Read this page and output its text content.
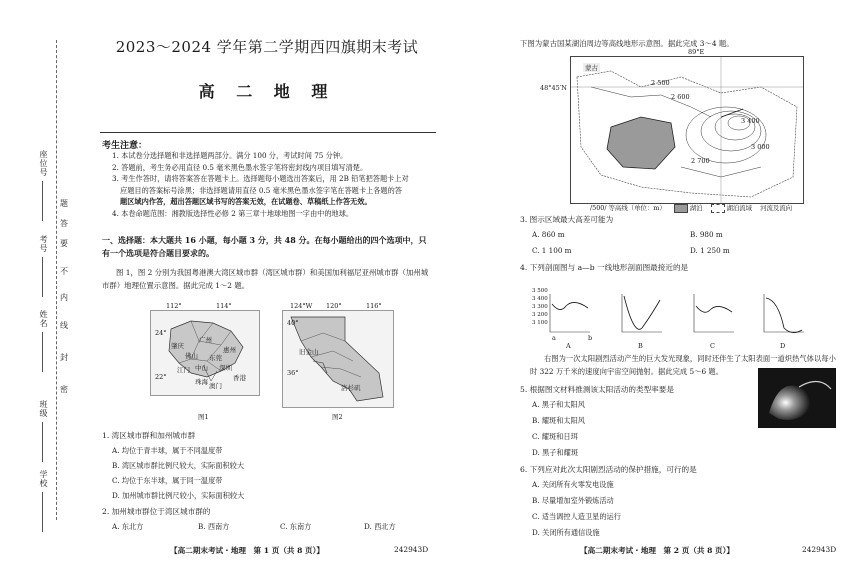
座位号
考号
姓名
班级
学校
密
封
线
内
不
要
答
题
2023～2024 学年第二学期西四旗期末考试
高 二 地 理
考生注意：

1. 本试卷分选择题和非选择题两部分。满分 100 分，考试时间 75 分钟。

2. 答题前，考生务必用直径 0.5 毫米黑色墨水签字笔将密封线内项目填写清楚。

3. 考生作答时，请将答案答在答题卡上。选择题每小题选出答案后，用 2B 铅笔把答题卡上对

应题目的答案标号涂黑；非选择题请用直径 0.5 毫米黑色墨水签字笔在答题卡上各题的答

题区域内作答，超出答题区域书写的答案无效，在试题卷、草稿纸上作答无效。

4. 本卷命题范围：湘教版选择性必修 2 第三章十地球地图一字由中的地球。

一、选择题：本大题共 16 小题，每小题 3 分，共 48 分。在每小题给出的四个选项中，只有一个选项是符合题目要求的。
图 1，图 2 分别为我国粤港澳大湾区城市群（湾区城市群）和美国加利福尼亚州城市群（加州城市群）地理位置示意图。据此完成 1～2 题。
24°
22°
肇庆
广州
惠州
佛山 东莞
江门	深圳
香港
中山
珠海 澳门
112°	114°
图1
40°
36°
旧金山
洛杉矶
124°W 120°	116°
图2
1. 湾区城市群和加州城市群
A. 均位于青丰球，属于不同温度带
B. 湾区城市群比例尺较大，实际面积较大
C. 均位于东半球，属于同一温度带
D. 加州城市群比例尺较小，实际面积较大
2. 加州城市群位于湾区城市群的
A. 东北方	B. 西南方	C. 东南方	D. 西北方
【高二期末考试・地理　第 1 页（共 8 页）】	242943D
下图为蒙古国某湖泊周边等高线地形示意图。据此完成 3～4 题。
蒙古
2 500
2 600
2 700
3 000
3 400
89°E
48°45′N
/500/ 等高线（单位：m）	湖泊	湖泊流域 河流及流向
3. 图示区域最大高差可能为
A. 860 m	B. 980 m
C. 1 100 m	D. 1 250 m
4. 下列剖面图与 a—b 一线地形剖面图最接近的是
3 500
3 400
3 300
3 200
3 100
a	b
A	B	C	D
右图为一次太阳剧烈活动产生的巨大发光现象，同时还伴生了太阳表面一道炽热气体以每小时 322 万千米的速度向宇宙空间抛射。据此完成 5～6 题。
5. 根据图文材料推测该太阳活动的类型率要是
A. 黑子和太阳风
B. 耀斑和太阳风
C. 耀斑和日珥
D. 黑子和耀斑
6. 下列应对此次太阳剧烈活动的保护措施，可行的是
A. 关闭所有火零发电设施
B. 尽量增加室外锻炼活动
C. 适当调控人造卫星的运行
D. 关闭所有通信设施
【高二期末考试・地理　第 2 页（共 8 页）】	242943D
